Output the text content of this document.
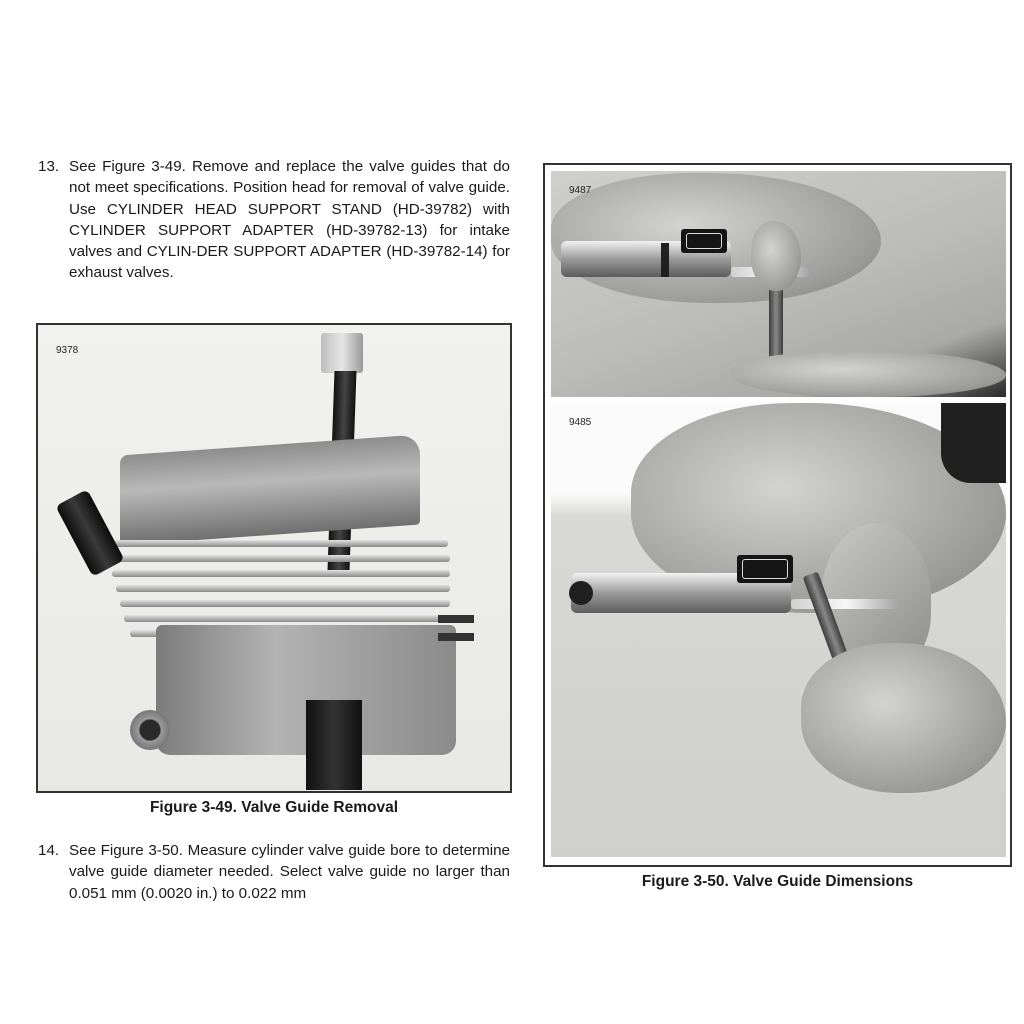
13. See Figure 3-49. Remove and replace the valve guides that do not meet specifications. Position head for removal of valve guide. Use CYLINDER HEAD SUPPORT STAND (HD-39782) with CYLINDER SUPPORT ADAPTER (HD-39782-13) for intake valves and CYLIN-DER SUPPORT ADAPTER (HD-39782-14) for exhaust valves.
9378
Figure 3-49. Valve Guide Removal
14. See Figure 3-50. Measure cylinder valve guide bore to determine valve guide diameter needed. Select valve guide no larger than 0.051 mm (0.0020 in.) to 0.022 mm
9487
9485
Figure 3-50. Valve Guide Dimensions
